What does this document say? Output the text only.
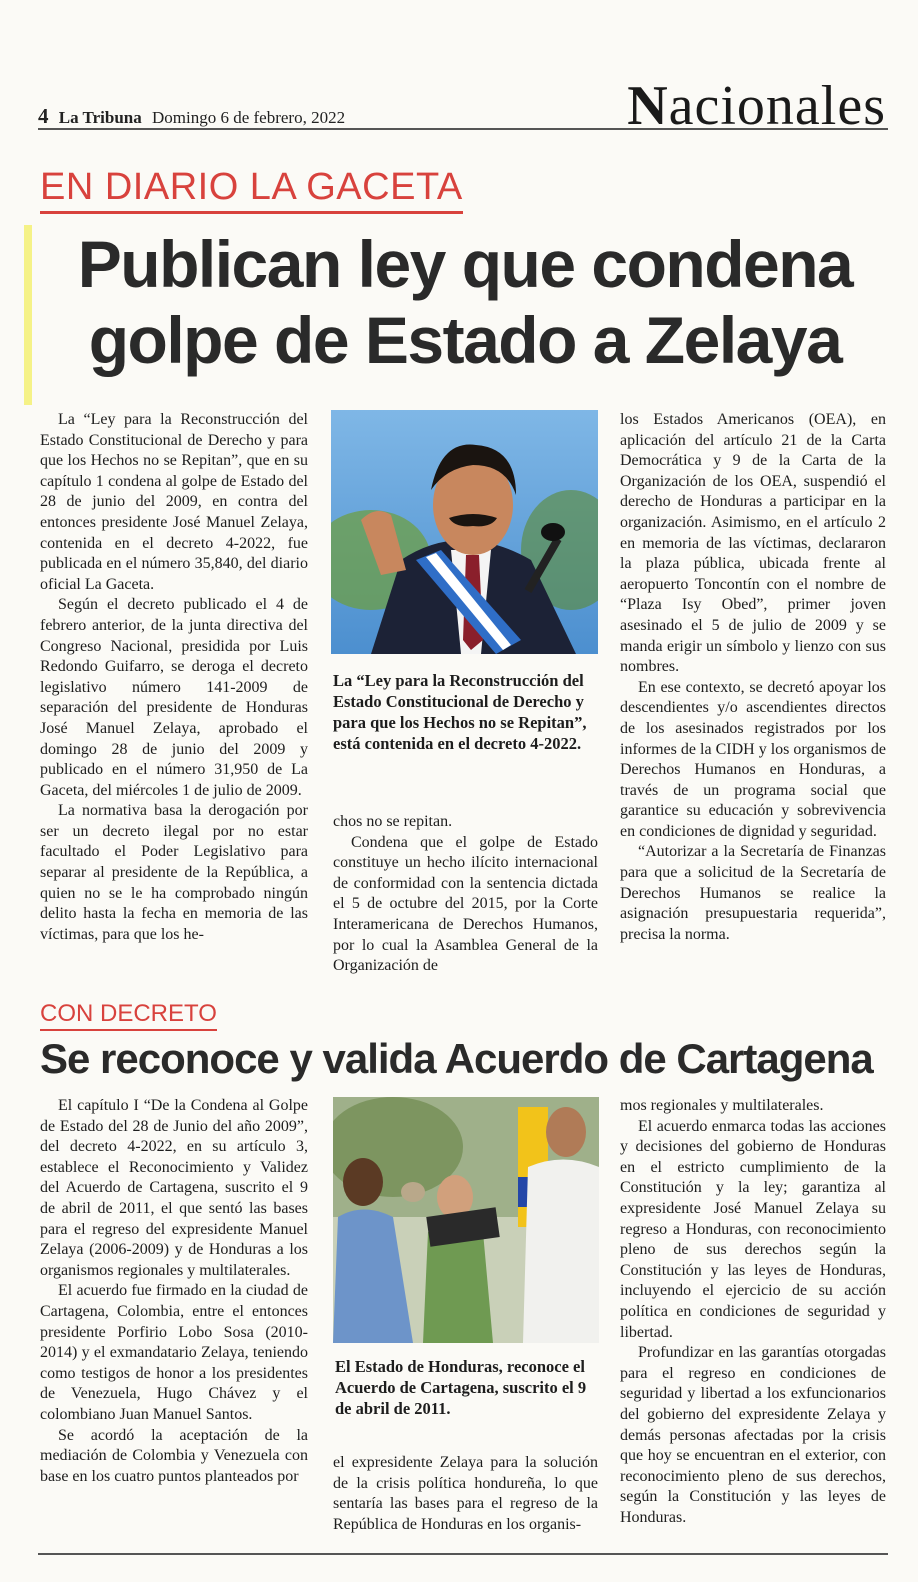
4 La Tribuna Domingo 6 de febrero, 2022	Nacionales
EN DIARIO LA GACETA
Publican ley que condena golpe de Estado a Zelaya

La “Ley para la Reconstrucción del Estado Constitucional de Derecho y para que los Hechos no se Repitan”, que en su capítulo 1 condena al golpe de Estado del 28 de junio del 2009, en contra del entonces presidente José Manuel Zelaya, contenida en el decreto 4-2022, fue publicada en el número 35,840, del diario oficial La Gaceta.

Según el decreto publicado el 4 de febrero anterior, de la junta directiva del Congreso Nacional, presidida por Luis Redondo Guifarro, se deroga el decreto legislativo número 141-2009 de separación del presidente de Honduras José Manuel Zelaya, aprobado el domingo 28 de junio del 2009 y publicado en el número 31,950 de La Gaceta, del miércoles 1 de julio de 2009.

La normativa basa la derogación por ser un decreto ilegal por no estar facultado el Poder Legislativo para separar al presidente de la República, a quien no se le ha comprobado ningún delito hasta la fecha en memoria de las víctimas, para que los he-

La “Ley para la Reconstrucción del Estado Constitucional de Derecho y para que los Hechos no se Repitan”, está contenida en el decreto 4-2022.

chos no se repitan.

Condena que el golpe de Estado constituye un hecho ilícito internacional de conformidad con la sentencia dictada el 5 de octubre del 2015, por la Corte Interamericana de Derechos Humanos, por lo cual la Asamblea General de la Organización de

los Estados Americanos (OEA), en aplicación del artículo 21 de la Carta Democrática y 9 de la Carta de la Organización de los OEA, suspendió el derecho de Honduras a participar en la organización. Asimismo, en el artículo 2 en memoria de las víctimas, declararon la plaza pública, ubicada frente al aeropuerto Toncontín con el nombre de “Plaza Isy Obed”, primer joven asesinado el 5 de julio de 2009 y se manda erigir un símbolo y lienzo con sus nombres.

En ese contexto, se decretó apoyar los descendientes y/o ascendientes directos de los asesinados registrados por los informes de la CIDH y los organismos de Derechos Humanos en Honduras, a través de un programa social que garantice su educación y sobrevivencia en condiciones de dignidad y seguridad.

“Autorizar a la Secretaría de Finanzas para que a solicitud de la Secretaría de Derechos Humanos se realice la asignación presupuestaria requerida”, precisa la norma.

CON DECRETO
Se reconoce y valida Acuerdo de Cartagena

El capítulo I “De la Condena al Golpe de Estado del 28 de Junio del año 2009”, del decreto 4-2022, en su artículo 3, establece el Reconocimiento y Validez del Acuerdo de Cartagena, suscrito el 9 de abril de 2011, el que sentó las bases para el regreso del expresidente Manuel Zelaya (2006-2009) y de Honduras a los organismos regionales y multilaterales.

El acuerdo fue firmado en la ciudad de Cartagena, Colombia, entre el entonces presidente Porfirio Lobo Sosa (2010-2014) y el exmandatario Zelaya, teniendo como testigos de honor a los presidentes de Venezuela, Hugo Chávez y el colombiano Juan Manuel Santos.

Se acordó la aceptación de la mediación de Colombia y Venezuela con base en los cuatro puntos planteados por

El Estado de Honduras, reconoce el Acuerdo de Cartagena, suscrito el 9 de abril de 2011.

el expresidente Zelaya para la solución de la crisis política hondureña, lo que sentaría las bases para el regreso de la República de Honduras en los organis-

mos regionales y multilaterales.

El acuerdo enmarca todas las acciones y decisiones del gobierno de Honduras en el estricto cumplimiento de la Constitución y la ley; garantiza al expresidente José Manuel Zelaya su regreso a Honduras, con reconocimiento pleno de sus derechos según la Constitución y las leyes de Honduras, incluyendo el ejercicio de su acción política en condiciones de seguridad y libertad.

Profundizar en las garantías otorgadas para el regreso en condiciones de seguridad y libertad a los exfuncionarios del gobierno del expresidente Zelaya y demás personas afectadas por la crisis que hoy se encuentran en el exterior, con reconocimiento pleno de sus derechos, según la Constitución y las leyes de Honduras.
